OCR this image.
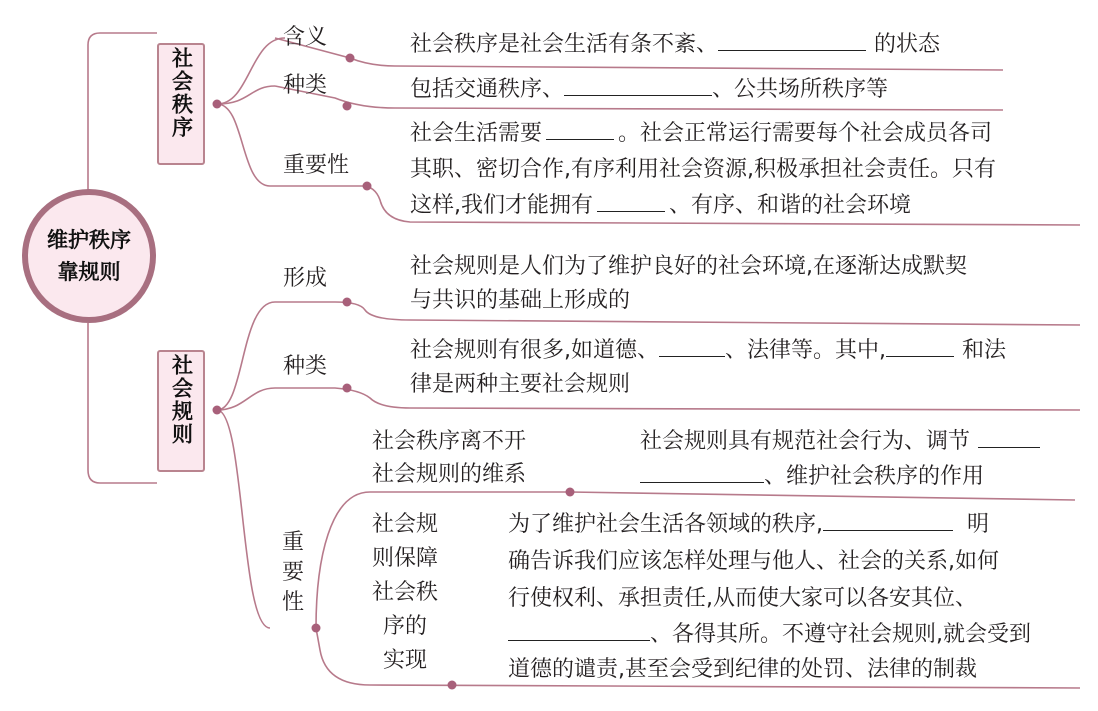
维护秩序
靠规则
社会秩序
社会规则
含义
种类
重要性
社会秩序是社会生活有条不紊、	的状态
包括交通秩序、	、公共场所秩序等
社会生活需要	。社会正常运行需要每个社会成员各司
其职、密切合作,有序利用社会资源,积极承担社会责任。只有
这样,我们才能拥有	、有序、和谐的社会环境
形成
种类
社会规则是人们为了维护良好的社会环境,在逐渐达成默契
与共识的基础上形成的
社会规则有很多,如道德、	、法律等。其中,	和法
律是两种主要社会规则
重要性
社会秩序离不开
社会规则的维系
社会规则具有规范社会行为、调节
、维护社会秩序的作用
社会规
则保障
社会秩
序的
实现
为了维护社会生活各领域的秩序,	明
确告诉我们应该怎样处理与他人、社会的关系,如何
行使权利、承担责任,从而使大家可以各安其位、
、各得其所。不遵守社会规则,就会受到
道德的谴责,甚至会受到纪律的处罚、法律的制裁
